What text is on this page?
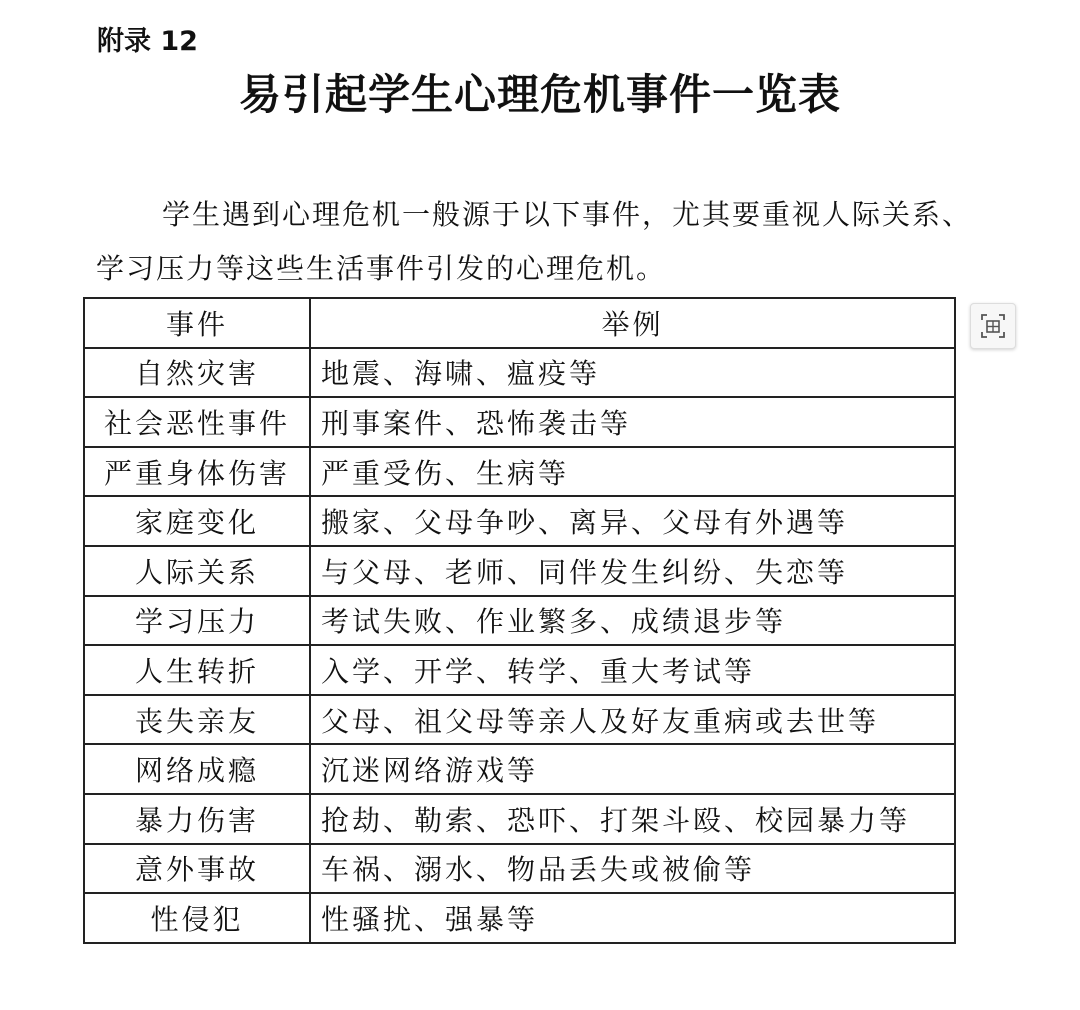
附录 12
易引起学生心理危机事件一览表

学生遇到心理危机一般源于以下事件，尤其要重视人际关系、

学习压力等这些生活事件引发的心理危机。

事件	举例
自然灾害	地震、海啸、瘟疫等
社会恶性事件	刑事案件、恐怖袭击等
严重身体伤害	严重受伤、生病等
家庭变化	搬家、父母争吵、离异、父母有外遇等
人际关系	与父母、老师、同伴发生纠纷、失恋等
学习压力	考试失败、作业繁多、成绩退步等
人生转折	入学、开学、转学、重大考试等
丧失亲友	父母、祖父母等亲人及好友重病或去世等
网络成瘾	沉迷网络游戏等
暴力伤害	抢劫、勒索、恐吓、打架斗殴、校园暴力等
意外事故	车祸、溺水、物品丢失或被偷等
性侵犯	性骚扰、强暴等
